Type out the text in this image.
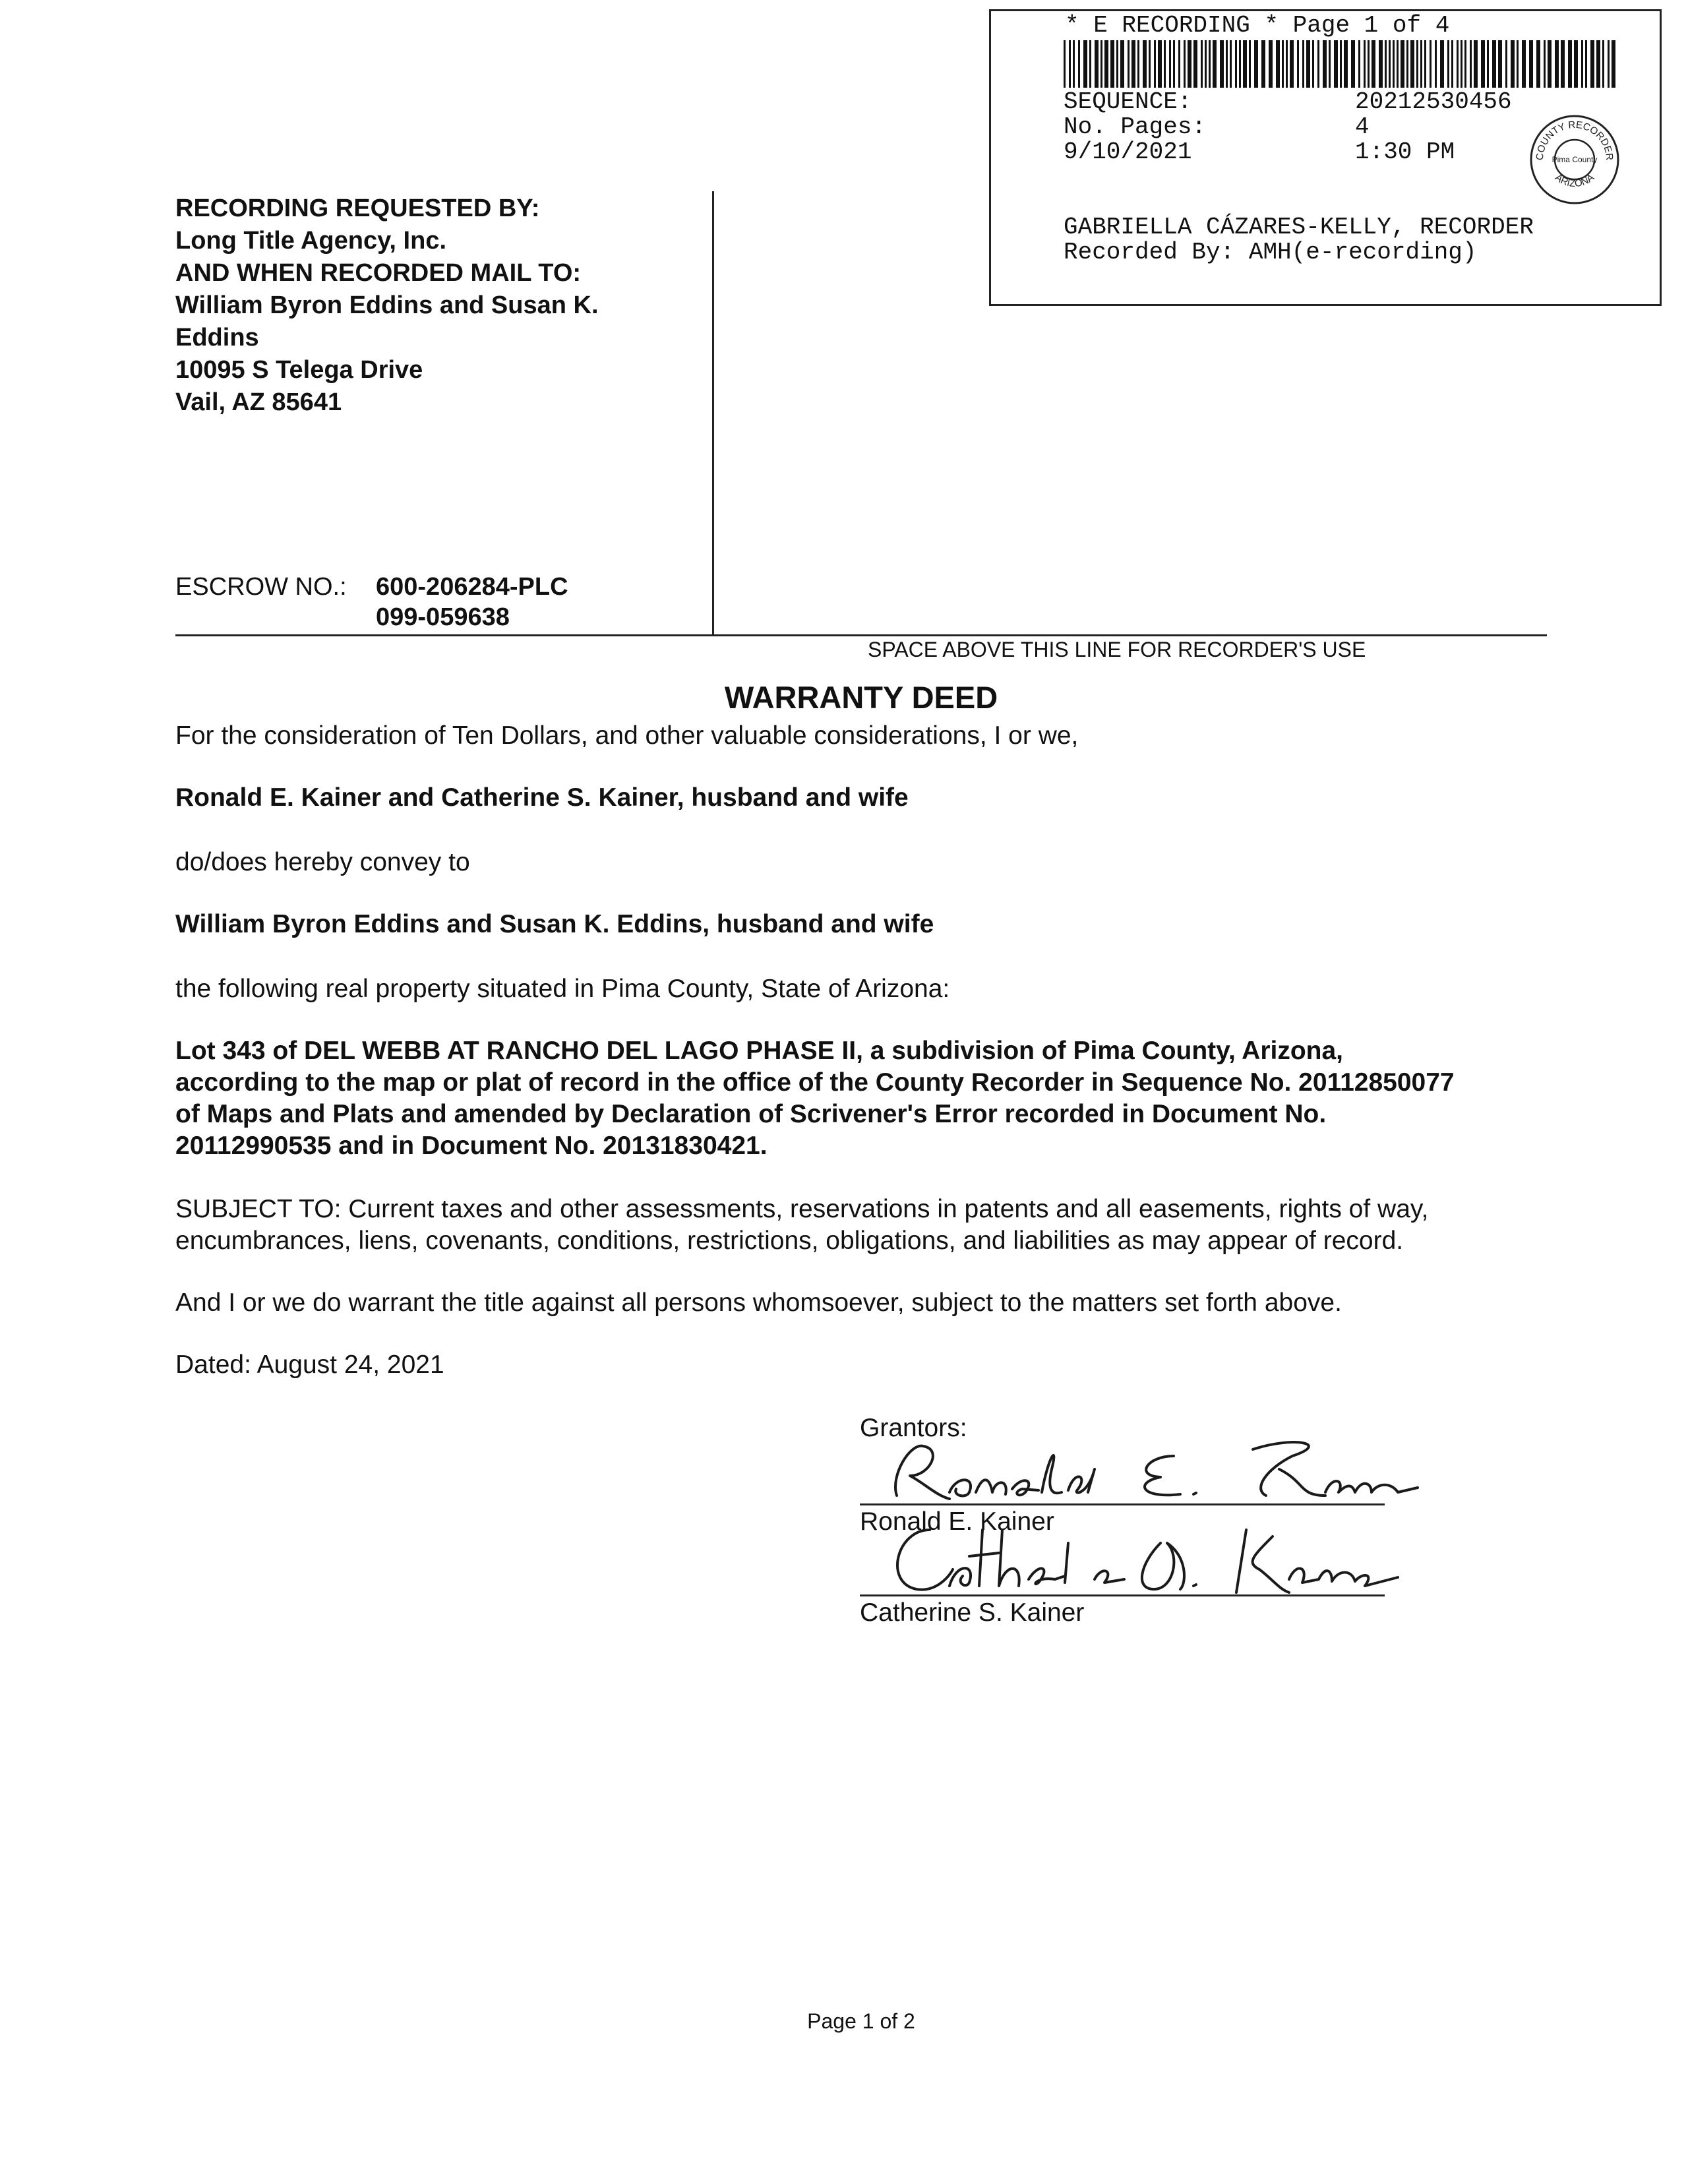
* E RECORDING * Page 1 of 4
SEQUENCE:	20212530456
No. Pages:	4
9/10/2021	1:30 PM
GABRIELLA CÁZARES-KELLY, RECORDER
Recorded By: AMH(e-recording)
COUNTY RECORDER
ARIZONA
Pima County
RECORDING REQUESTED BY:
Long Title Agency, Inc.
AND WHEN RECORDED MAIL TO:
William Byron Eddins and Susan K.
Eddins
10095 S Telega Drive
Vail, AZ 85641
ESCROW NO.: 600-206284-PLC
099-059638
SPACE ABOVE THIS LINE FOR RECORDER'S USE
WARRANTY DEED
For the consideration of Ten Dollars, and other valuable considerations, I or we,
Ronald E. Kainer and Catherine S. Kainer, husband and wife
do/does hereby convey to
William Byron Eddins and Susan K. Eddins, husband and wife
the following real property situated in Pima County, State of Arizona:
Lot 343 of DEL WEBB AT RANCHO DEL LAGO PHASE II, a subdivision of Pima County, Arizona,
according to the map or plat of record in the office of the County Recorder in Sequence No. 20112850077
of Maps and Plats and amended by Declaration of Scrivener's Error recorded in Document No.
20112990535 and in Document No. 20131830421.
SUBJECT TO: Current taxes and other assessments, reservations in patents and all easements, rights of way,
encumbrances, liens, covenants, conditions, restrictions, obligations, and liabilities as may appear of record.
And I or we do warrant the title against all persons whomsoever, subject to the matters set forth above.
Dated: August 24, 2021
Grantors:
Ronald E. Kainer
Catherine S. Kainer
Page 1 of 2
